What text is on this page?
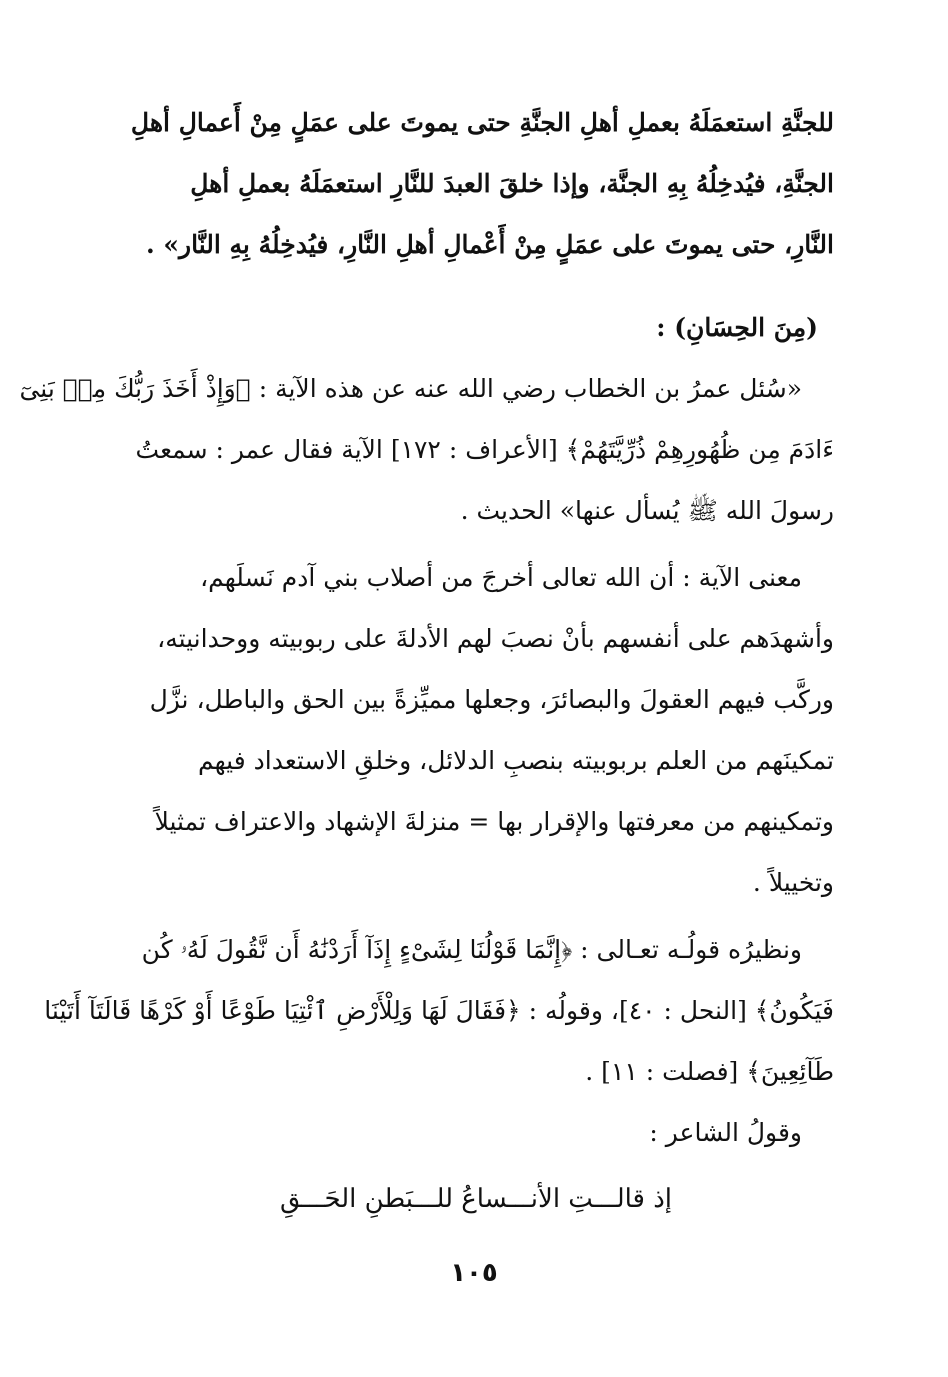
للجنَّةِ استعمَلَهُ بعملِ أهلِ الجنَّةِ حتى يموتَ على عمَلٍ مِنْ أَعمالِ أهلِ
الجنَّةِ، فيُدخِلُهُ بِهِ الجنَّة، وإذا خلقَ العبدَ للنَّارِ استعمَلَهُ بعملِ أهلِ
النَّارِ، حتى يموتَ على عمَلٍ مِنْ أَعْمالِ أهلِ النَّارِ، فيُدخِلُهُ بِهِ النَّار» .
(مِنَ الحِسَانِ) :
«سُئل عمرُ بن الخطاب رضي الله عنه عن هذه الآية : ﴿وَإِذْ أَخَذَ رَبُّكَ مِنۢ بَنِىٓ
ءَادَمَ مِن ظُهُورِهِمْ ذُرِّيَّتَهُمْ﴾ [الأعراف : ١٧٢] الآية فقال عمر : سمعتُ
رسولَ الله ﷺ يُسأل عنها» الحديث .
معنى الآية : أن الله تعالى أخرجَ من أصلاب بني آدم نَسلَهم،
وأشهدَهم على أنفسهم بأنْ نصبَ لهم الأدلةَ على ربوبيته ووحدانيته،
وركَّب فيهم العقولَ والبصائرَ، وجعلها مميِّزةً بين الحق والباطل، نزَّل
تمكينَهم من العلم بربوبيته بنصبِ الدلائل، وخلقِ الاستعداد فيهم
وتمكينهم من معرفتها والإقرار بها = منزلةَ الإشهاد والاعتراف تمثيلاً
وتخييلاً .
ونظيرُه قولُـه تعـالى : ﴿إِنَّمَا قَوْلُنَا لِشَىْءٍ إِذَآ أَرَدْنَٰهُ أَن نَّقُولَ لَهُۥ كُن
فَيَكُونُ﴾ [النحل : ٤٠]، وقولُه : ﴿فَقَالَ لَهَا وَلِلْأَرْضِ ٱئْتِيَا طَوْعًا أَوْ كَرْهًا قَالَتَآ أَتَيْنَا
طَآئِعِينَ﴾ [فصلت : ١١] .
وقولُ الشاعر :
إذ قالـــتِ الأنـــساعُ للـــبَطنِ الحَـــقِ
١٠٥
